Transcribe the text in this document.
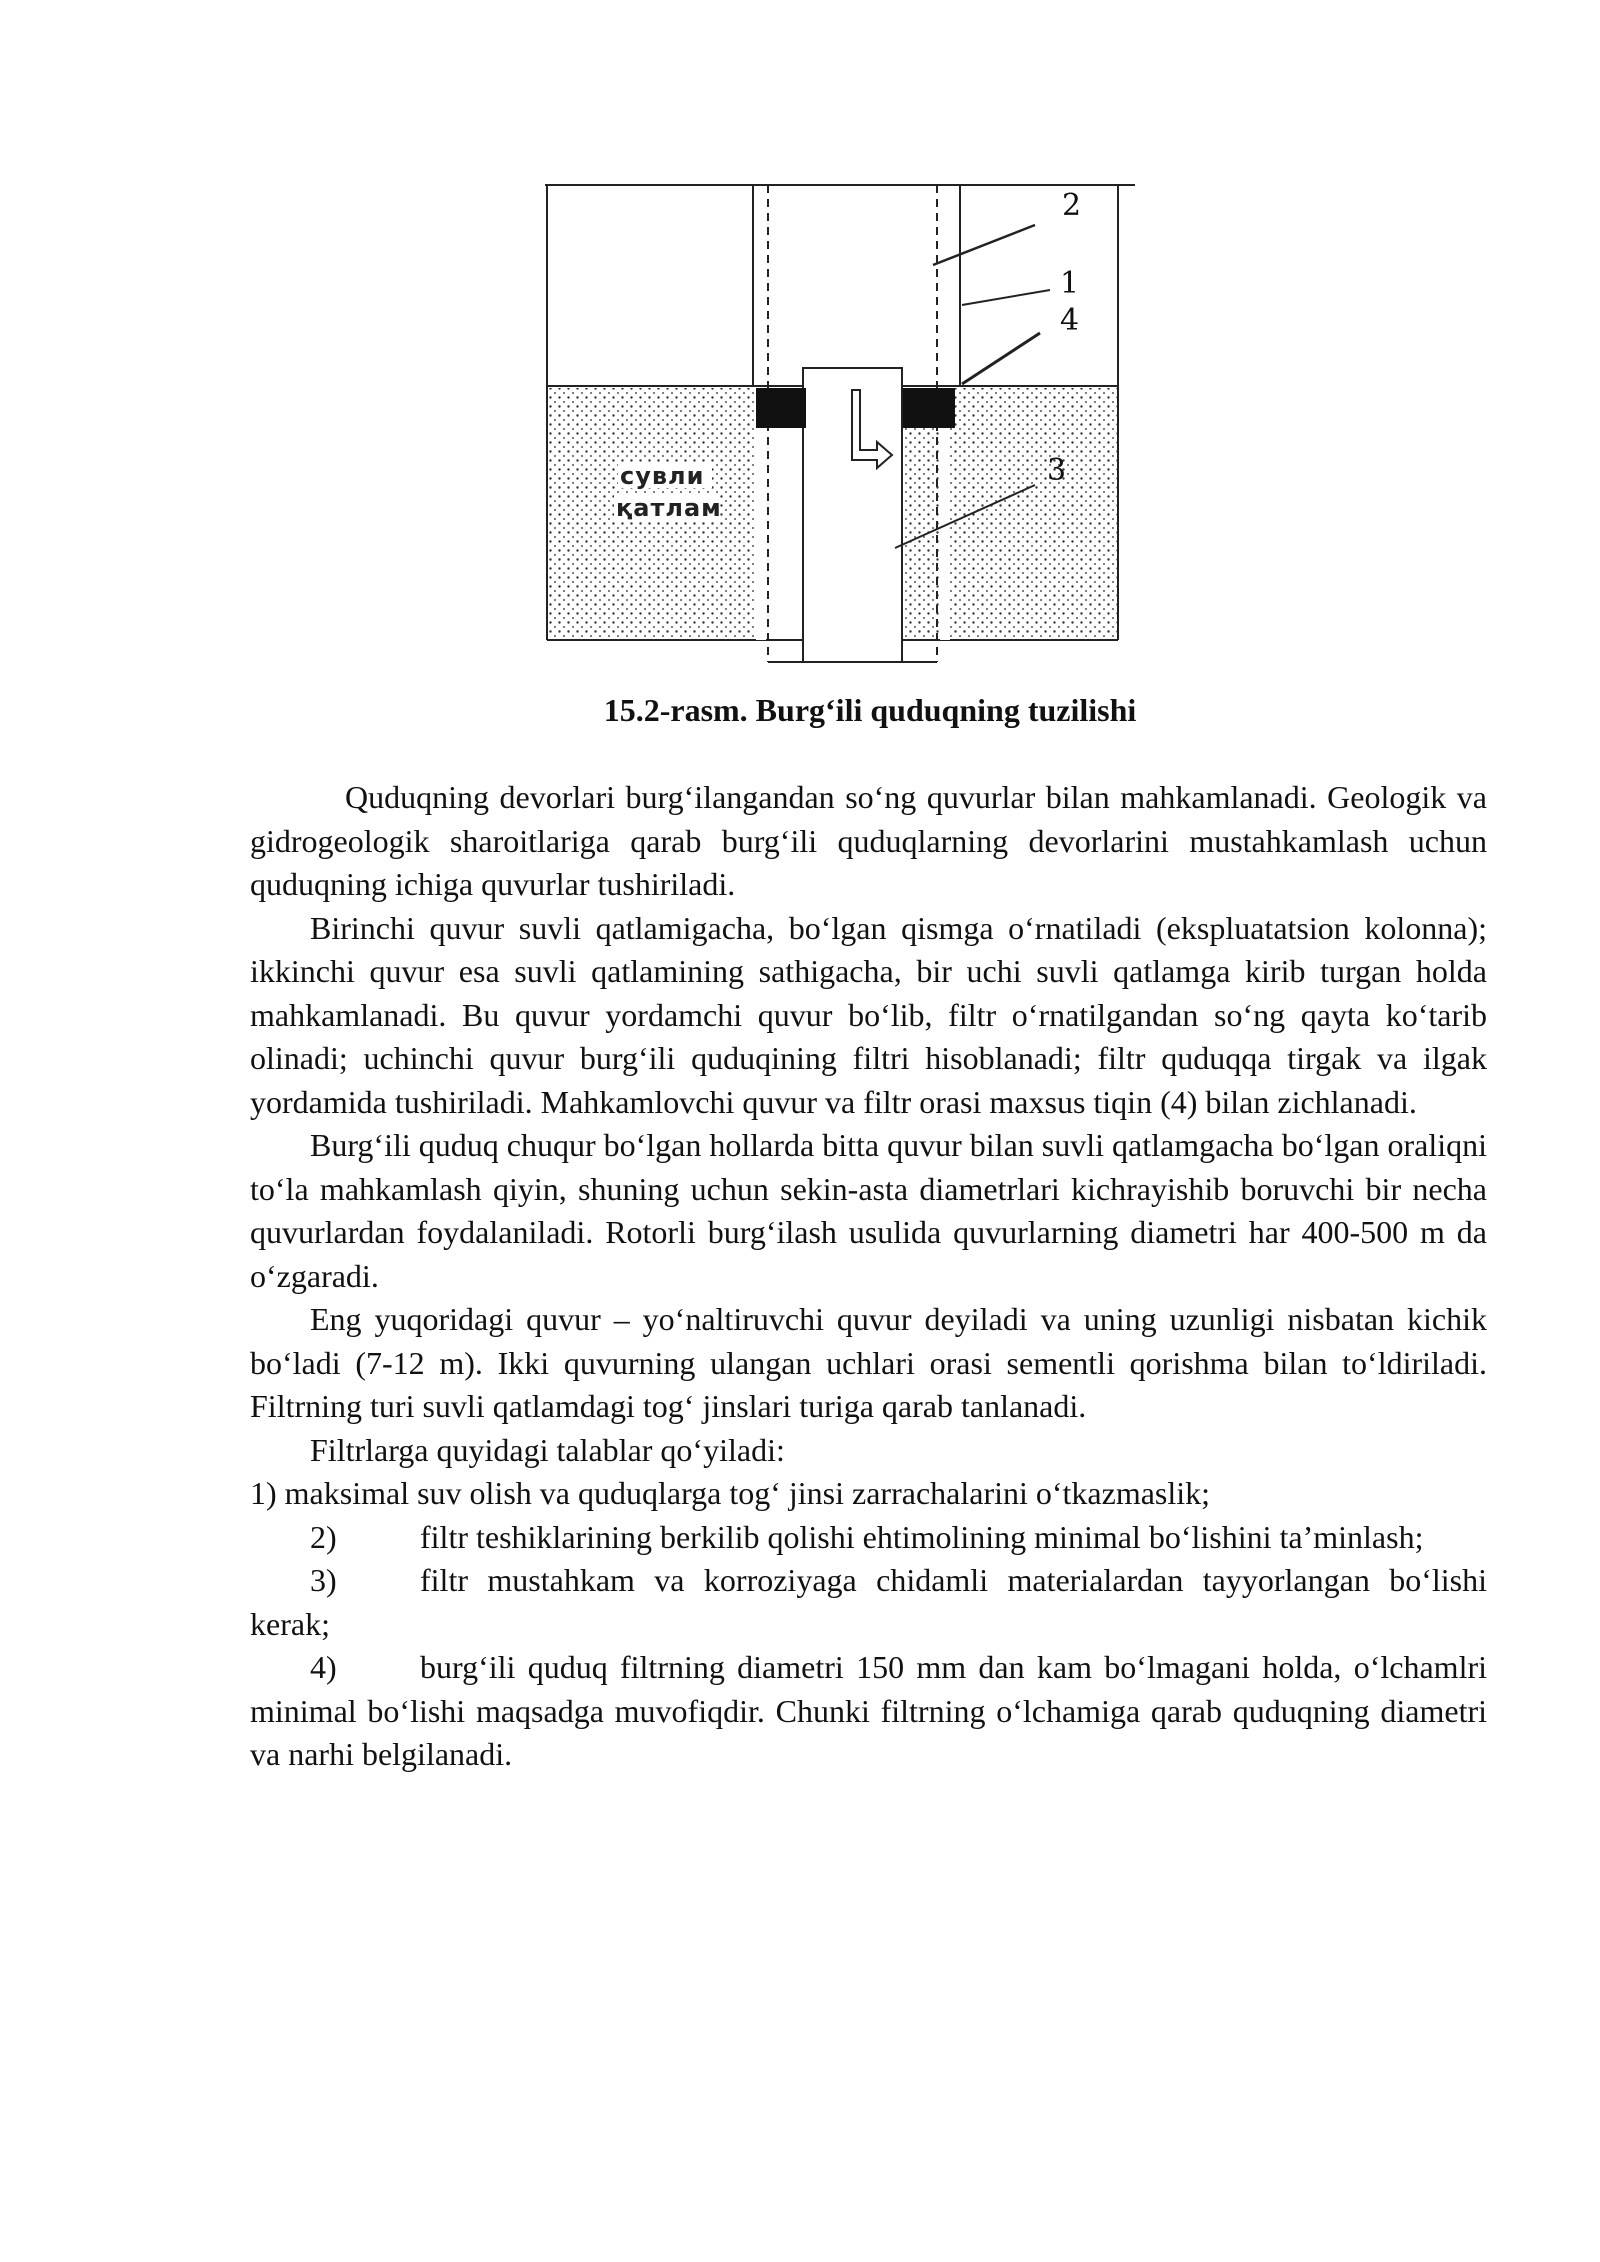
2
1
4
3
сувли
қатлам
15.2-rasm. Burg‘ili quduqning tuzilishi

Quduqning devorlari burg‘ilangandan so‘ng quvurlar bilan mahkamlanadi. Geologik va gidrogeologik sharoitlariga qarab burg‘ili quduqlarning devorlarini mustahkamlash uchun quduqning ichiga quvurlar tushiriladi.

Birinchi quvur suvli qatlamigacha, bo‘lgan qismga o‘rnatiladi (ekspluatatsion kolonna); ikkinchi quvur esa suvli qatlamining sathigacha, bir uchi suvli qatlamga kirib turgan holda mahkamlanadi. Bu quvur yordamchi quvur bo‘lib, filtr o‘rnatilgandan so‘ng qayta ko‘tarib olinadi; uchinchi quvur burg‘ili quduqining filtri hisoblanadi; filtr quduqqa tirgak va ilgak yordamida tushiriladi. Mahkamlovchi quvur va filtr orasi maxsus tiqin (4) bilan zichlanadi.

Burg‘ili quduq chuqur bo‘lgan hollarda bitta quvur bilan suvli qatlamgacha bo‘lgan oraliqni to‘la mahkamlash qiyin, shuning uchun sekin-asta diametrlari kichrayishib boruvchi bir necha quvurlardan foydalaniladi. Rotorli burg‘ilash usulida quvurlarning diametri har 400-500 m da o‘zgaradi.

Eng yuqoridagi quvur – yo‘naltiruvchi quvur deyiladi va uning uzunligi nisbatan kichik bo‘ladi (7-12 m). Ikki quvurning ulangan uchlari orasi sementli qorishma bilan to‘ldiriladi. Filtrning turi suvli qatlamdagi tog‘ jinslari turiga qarab tanlanadi.

Filtrlarga quyidagi talablar qo‘yiladi:

1) maksimal suv olish va quduqlarga tog‘ jinsi zarrachalarini o‘tkazmaslik;

2)	filtr teshiklarining berkilib qolishi ehtimolining minimal bo‘lishini ta’minlash;

3)	filtr mustahkam va korroziyaga chidamli materialardan tayyorlangan bo‘lishi kerak;

4)	burg‘ili quduq filtrning diametri 150 mm dan kam bo‘lmagani holda, o‘lchamlri minimal bo‘lishi maqsadga muvofiqdir. Chunki filtrning o‘lchamiga qarab quduqning diametri va narhi belgilanadi.
